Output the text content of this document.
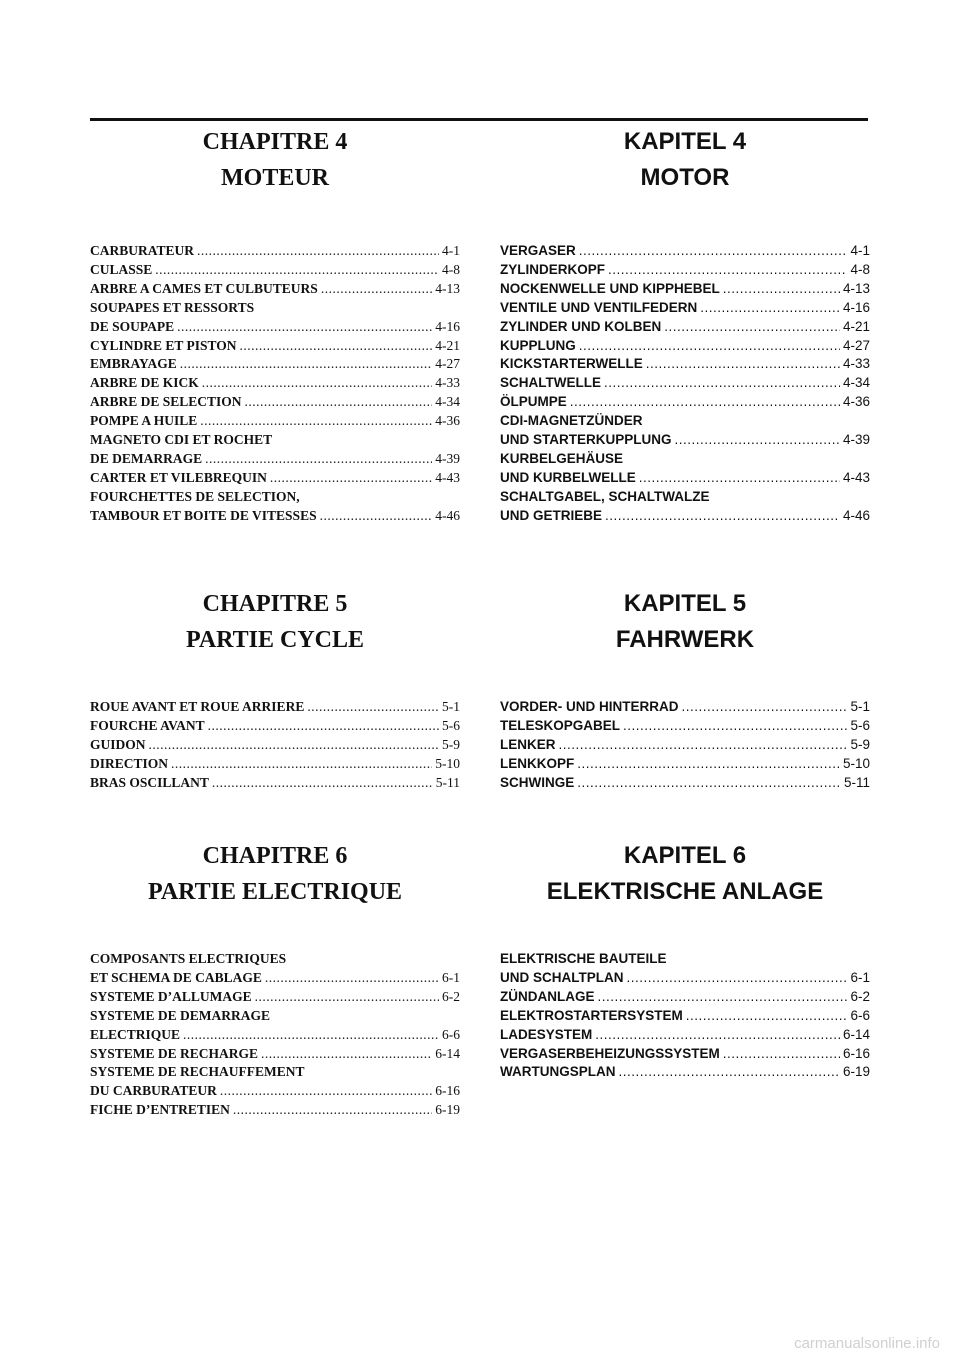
CHAPITRE 4
MOTEUR
CARBURATEUR .....	4-1
CULASSE .....	4-8
ARBRE A CAMES ET CULBUTEURS .....	4-13
SOUPAPES ET RESSORTS
DE SOUPAPE .....	4-16
CYLINDRE ET PISTON .....	4-21
EMBRAYAGE .....	4-27
ARBRE DE KICK .....	4-33
ARBRE DE SELECTION .....	4-34
POMPE A HUILE .....	4-36
MAGNETO CDI ET ROCHET
DE DEMARRAGE .....	4-39
CARTER ET VILEBREQUIN .....	4-43
FOURCHETTES DE SELECTION,
TAMBOUR ET BOITE DE VITESSES .....	4-46
CHAPITRE 5
PARTIE CYCLE
ROUE AVANT ET ROUE ARRIERE .....	5-1
FOURCHE AVANT .....	5-6
GUIDON .....	5-9
DIRECTION .....	5-10
BRAS OSCILLANT .....	5-11
CHAPITRE 6
PARTIE ELECTRIQUE
COMPOSANTS ELECTRIQUES
ET SCHEMA DE CABLAGE .....	6-1
SYSTEME D’ALLUMAGE .....	6-2
SYSTEME DE DEMARRAGE
ELECTRIQUE .....	6-6
SYSTEME DE RECHARGE .....	6-14
SYSTEME DE RECHAUFFEMENT
DU CARBURATEUR .....	6-16
FICHE D’ENTRETIEN .....	6-19
KAPITEL 4
MOTOR
VERGASER .....	4-1
ZYLINDERKOPF .....	4-8
NOCKENWELLE UND KIPPHEBEL .....	4-13
VENTILE UND VENTILFEDERN .....	4-16
ZYLINDER UND KOLBEN .....	4-21
KUPPLUNG .....	4-27
KICKSTARTERWELLE .....	4-33
SCHALTWELLE .....	4-34
ÖLPUMPE .....	4-36
CDI-MAGNETZÜNDER
UND STARTERKUPPLUNG .....	4-39
KURBELGEHÄUSE
UND KURBELWELLE .....	4-43
SCHALTGABEL, SCHALTWALZE
UND GETRIEBE .....	4-46
KAPITEL 5
FAHRWERK
VORDER- UND HINTERRAD .....	5-1
TELESKOPGABEL .....	5-6
LENKER .....	5-9
LENKKOPF .....	5-10
SCHWINGE .....	5-11
KAPITEL 6
ELEKTRISCHE ANLAGE
ELEKTRISCHE BAUTEILE
UND SCHALTPLAN .....	6-1
ZÜNDANLAGE .....	6-2
ELEKTROSTARTERSYSTEM .....	6-6
LADESYSTEM .....	6-14
VERGASERBEHEIZUNGSSYSTEM .....	6-16
WARTUNGSPLAN .....	6-19
carmanualsonline.info
